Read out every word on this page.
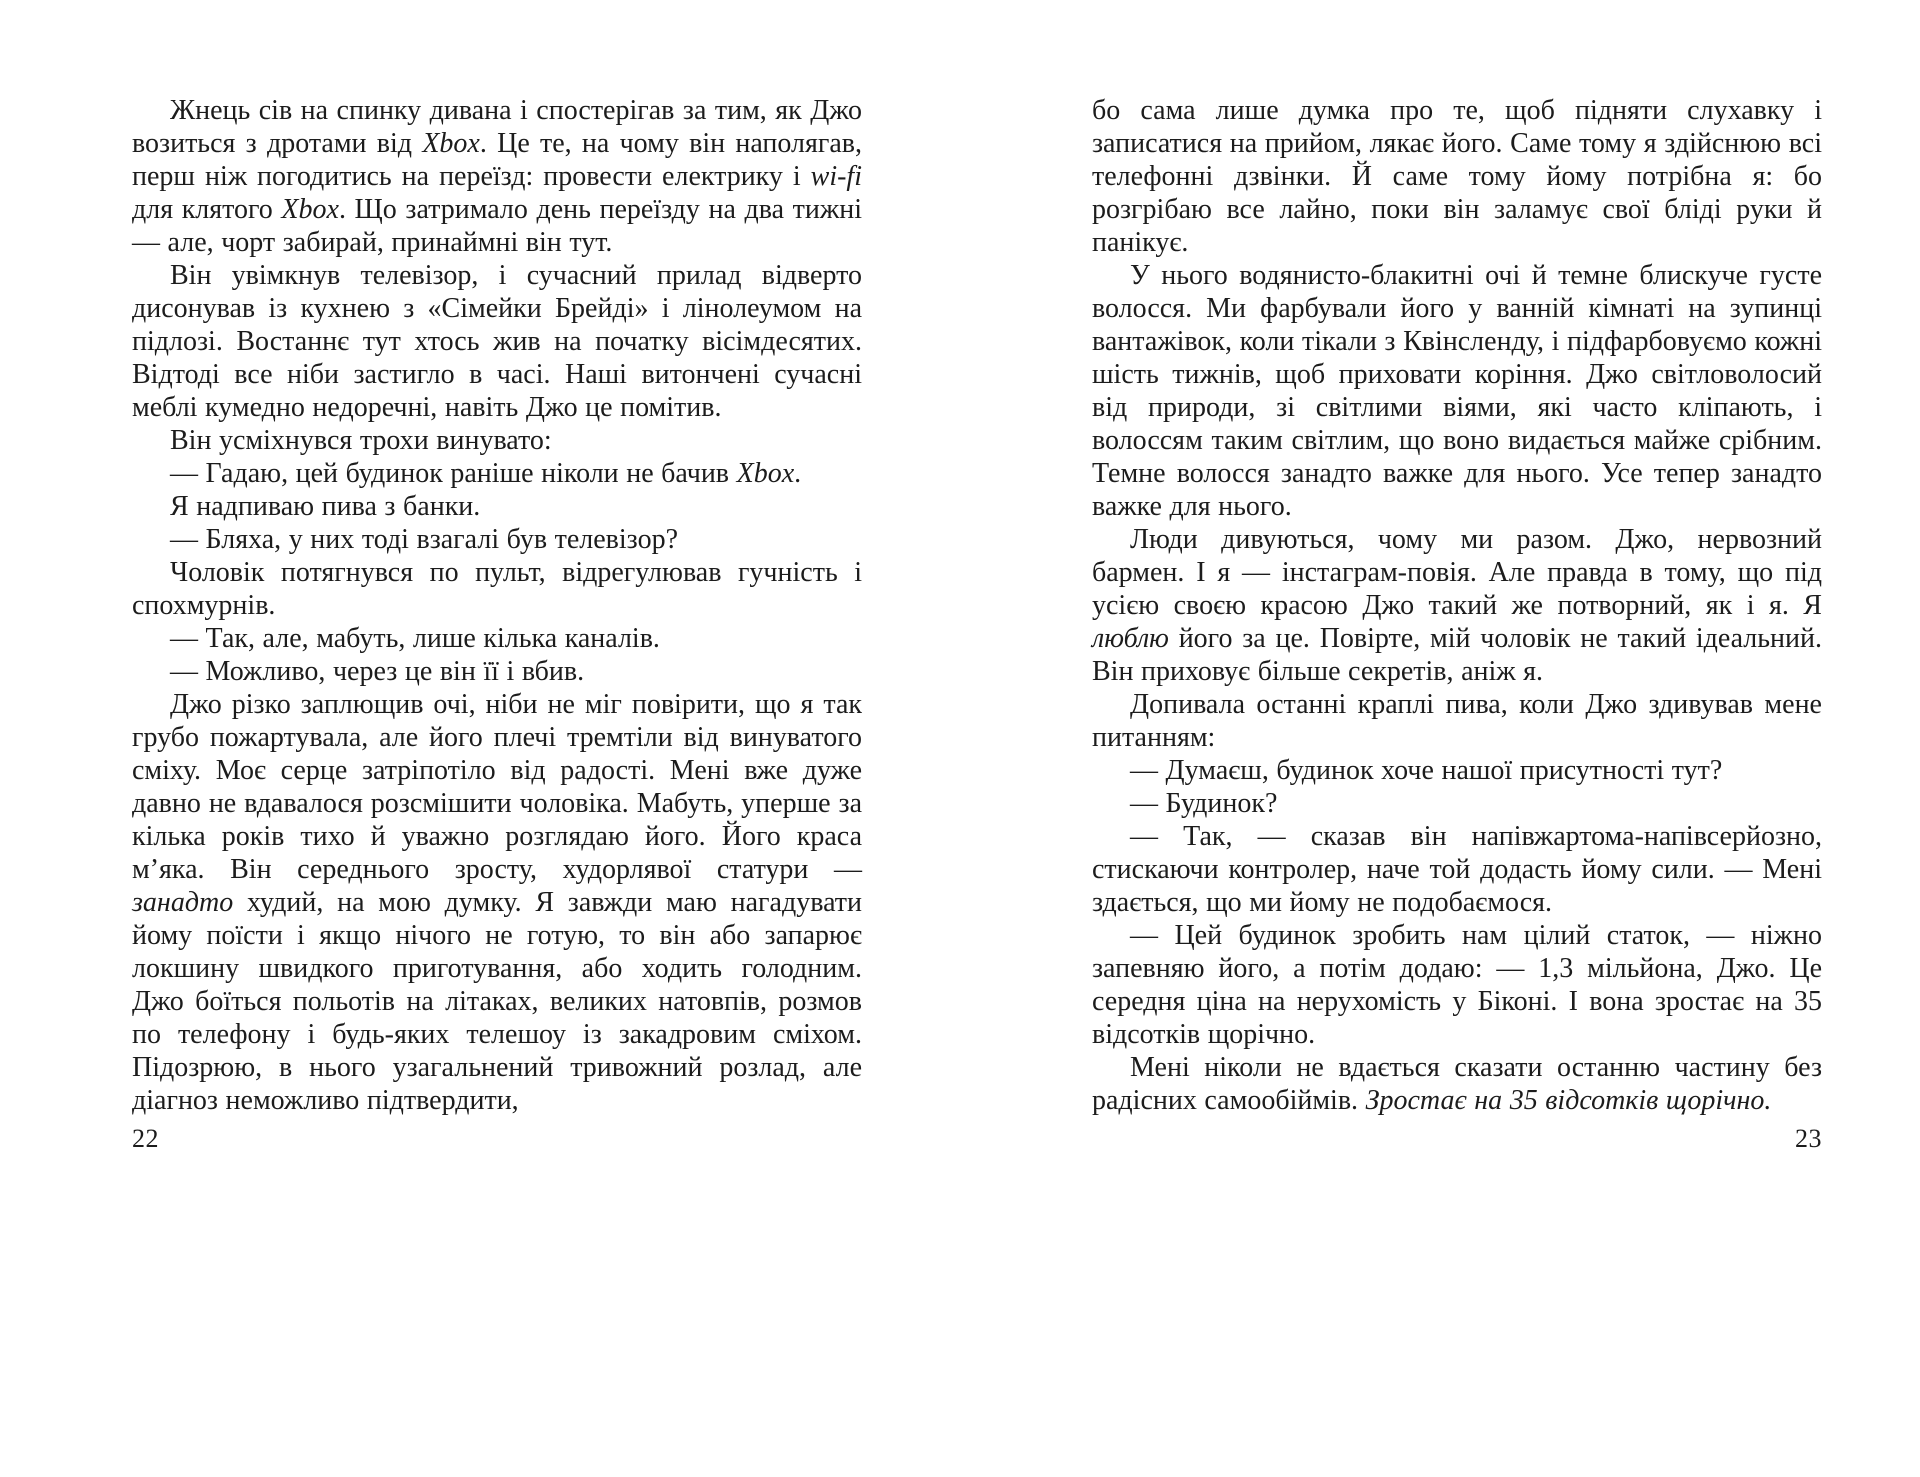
Жнець сів на спинку дивана і спостерігав за тим, як Джо возиться з дротами від Xbox. Це те, на чому він наполягав, перш ніж погодитись на переїзд: провести електрику і wi-fi для клятого Xbox. Що затримало день переїзду на два тижні — але, чорт забирай, принаймні він тут.

Він увімкнув телевізор, і сучасний прилад відверто дисонував із кухнею з «Сімейки Брейді» і лінолеумом на підлозі. Востаннє тут хтось жив на початку вісімдесятих. Відтоді все ніби застигло в часі. Наші витончені сучасні меблі кумедно недоречні, навіть Джо це помітив.

Він усміхнувся трохи винувато:

— Гадаю, цей будинок раніше ніколи не бачив Xbox.

Я надпиваю пива з банки.

— Бляха, у них тоді взагалі був телевізор?

Чоловік потягнувся по пульт, відрегулював гучність і спохмурнів.

— Так, але, мабуть, лише кілька каналів.

— Можливо, через це він її і вбив.

Джо різко заплющив очі, ніби не міг повірити, що я так грубо пожартувала, але його плечі тремтіли від винуватого сміху. Моє серце затріпотіло від радості. Мені вже дуже давно не вдавалося розсмішити чоловіка. Мабуть, уперше за кілька років тихо й уважно розглядаю його. Його краса м’яка. Він середнього зросту, худорлявої статури — занадто худий, на мою думку. Я завжди маю нагадувати йому поїсти і якщо нічого не готую, то він або запарює локшину швидкого приготування, або ходить голодним. Джо боїться польотів на літаках, великих натовпів, розмов по телефону і будь-яких телешоу із закадровим сміхом. Підозрюю, в нього узагальнений тривожний розлад, але діагноз неможливо підтвердити,

22

бо сама лише думка про те, щоб підняти слухавку і записатися на прийом, лякає його. Саме тому я здійснюю всі телефонні дзвінки. Й саме тому йому потрібна я: бо розгрібаю все лайно, поки він заламує свої бліді руки й панікує.

У нього водянисто-блакитні очі й темне блискуче густе волосся. Ми фарбували його у ванній кімнаті на зупинці вантажівок, коли тікали з Квінсленду, і підфарбовуємо кожні шість тижнів, щоб приховати коріння. Джо світловолосий від природи, зі світлими віями, які часто кліпають, і волоссям таким світлим, що воно видається майже срібним. Темне волосся занадто важке для нього. Усе тепер занадто важке для нього.

Люди дивуються, чому ми разом. Джо, нервозний бармен. І я — інстаграм-повія. Але правда в тому, що під усією своєю красою Джо такий же потворний, як і я. Я люблю його за це. Повірте, мій чоловік не такий ідеальний. Він приховує більше секретів, аніж я.

Допивала останні краплі пива, коли Джо здивував мене питанням:

— Думаєш, будинок хоче нашої присутності тут?

— Будинок?

— Так, — сказав він напівжартома-напівсерйозно, стискаючи контролер, наче той додасть йому сили. — Мені здається, що ми йому не подобаємося.

— Цей будинок зробить нам цілий статок, — ніжно запевняю його, а потім додаю: — 1,3 мільйона, Джо. Це середня ціна на нерухомість у Біконі. І вона зростає на 35 відсотків щорічно.

Мені ніколи не вдається сказати останню частину без радісних самообіймів. Зростає на 35 відсотків щорічно.

23
